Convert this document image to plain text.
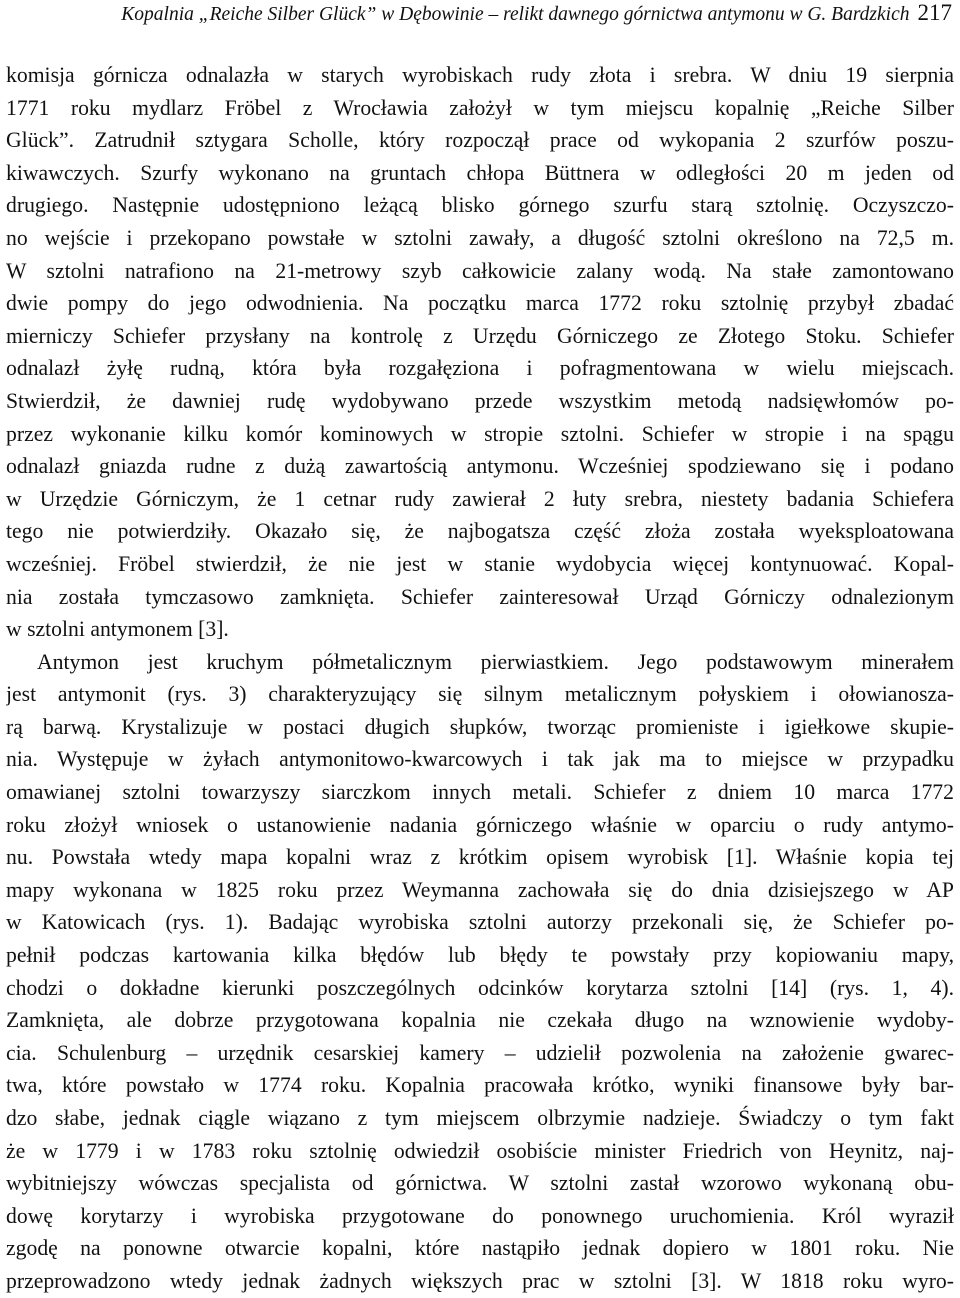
Kopalnia „Reiche Silber Glück” w Dębowinie – relikt dawnego górnictwa antymonu w G. Bardzkich 217
komisja górnicza odnalazła w starych wyrobiskach rudy złota i srebra. W dniu 19 sierpnia
1771 roku mydlarz Fröbel z Wrocławia założył w tym miejscu kopalnię „Reiche Silber
Glück”. Zatrudnił sztygara Scholle, który rozpoczął prace od wykopania 2 szurfów poszu-
kiwawczych. Szurfy wykonano na gruntach chłopa Büttnera w odległości 20 m jeden od
drugiego. Następnie udostępniono leżącą blisko górnego szurfu starą sztolnię. Oczyszczo-
no wejście i przekopano powstałe w sztolni zawały, a długość sztolni określono na 72,5 m.
W sztolni natrafiono na 21-metrowy szyb całkowicie zalany wodą. Na stałe zamontowano
dwie pompy do jego odwodnienia. Na początku marca 1772 roku sztolnię przybył zbadać
mierniczy Schiefer przysłany na kontrolę z Urzędu Górniczego ze Złotego Stoku. Schiefer
odnalazł żyłę rudną, która była rozgałęziona i pofragmentowana w wielu miejscach.
Stwierdził, że dawniej rudę wydobywano przede wszystkim metodą nadsięwłomów po-
przez wykonanie kilku komór kominowych w stropie sztolni. Schiefer w stropie i na spągu
odnalazł gniazda rudne z dużą zawartością antymonu. Wcześniej spodziewano się i podano
w Urzędzie Górniczym, że 1 cetnar rudy zawierał 2 łuty srebra, niestety badania Schiefera
tego nie potwierdziły. Okazało się, że najbogatsza część złoża została wyeksploatowana
wcześniej. Fröbel stwierdził, że nie jest w stanie wydobycia więcej kontynuować. Kopal-
nia została tymczasowo zamknięta. Schiefer zainteresował Urząd Górniczy odnalezionym
w sztolni antymonem [3].
Antymon jest kruchym półmetalicznym pierwiastkiem. Jego podstawowym minerałem
jest antymonit (rys. 3) charakteryzujący się silnym metalicznym połyskiem i ołowianosza-
rą barwą. Krystalizuje w postaci długich słupków, tworząc promieniste i igiełkowe skupie-
nia. Występuje w żyłach antymonitowo-kwarcowych i tak jak ma to miejsce w przypadku
omawianej sztolni towarzyszy siarczkom innych metali. Schiefer z dniem 10 marca 1772
roku złożył wniosek o ustanowienie nadania górniczego właśnie w oparciu o rudy antymo-
nu. Powstała wtedy mapa kopalni wraz z krótkim opisem wyrobisk [1]. Właśnie kopia tej
mapy wykonana w 1825 roku przez Weymanna zachowała się do dnia dzisiejszego w AP
w Katowicach (rys. 1). Badając wyrobiska sztolni autorzy przekonali się, że Schiefer po-
pełnił podczas kartowania kilka błędów lub błędy te powstały przy kopiowaniu mapy,
chodzi o dokładne kierunki poszczególnych odcinków korytarza sztolni [14] (rys. 1, 4).
Zamknięta, ale dobrze przygotowana kopalnia nie czekała długo na wznowienie wydoby-
cia. Schulenburg – urzędnik cesarskiej kamery – udzielił pozwolenia na założenie gwarec-
twa, które powstało w 1774 roku. Kopalnia pracowała krótko, wyniki finansowe były bar-
dzo słabe, jednak ciągle wiązano z tym miejscem olbrzymie nadzieje. Świadczy o tym fakt
że w 1779 i w 1783 roku sztolnię odwiedził osobiście minister Friedrich von Heynitz, naj-
wybitniejszy wówczas specjalista od górnictwa. W sztolni zastał wzorowo wykonaną obu-
dowę korytarzy i wyrobiska przygotowane do ponownego uruchomienia. Król wyraził
zgodę na ponowne otwarcie kopalni, które nastąpiło jednak dopiero w 1801 roku. Nie
przeprowadzono wtedy jednak żadnych większych prac w sztolni [3]. W 1818 roku wyro-
